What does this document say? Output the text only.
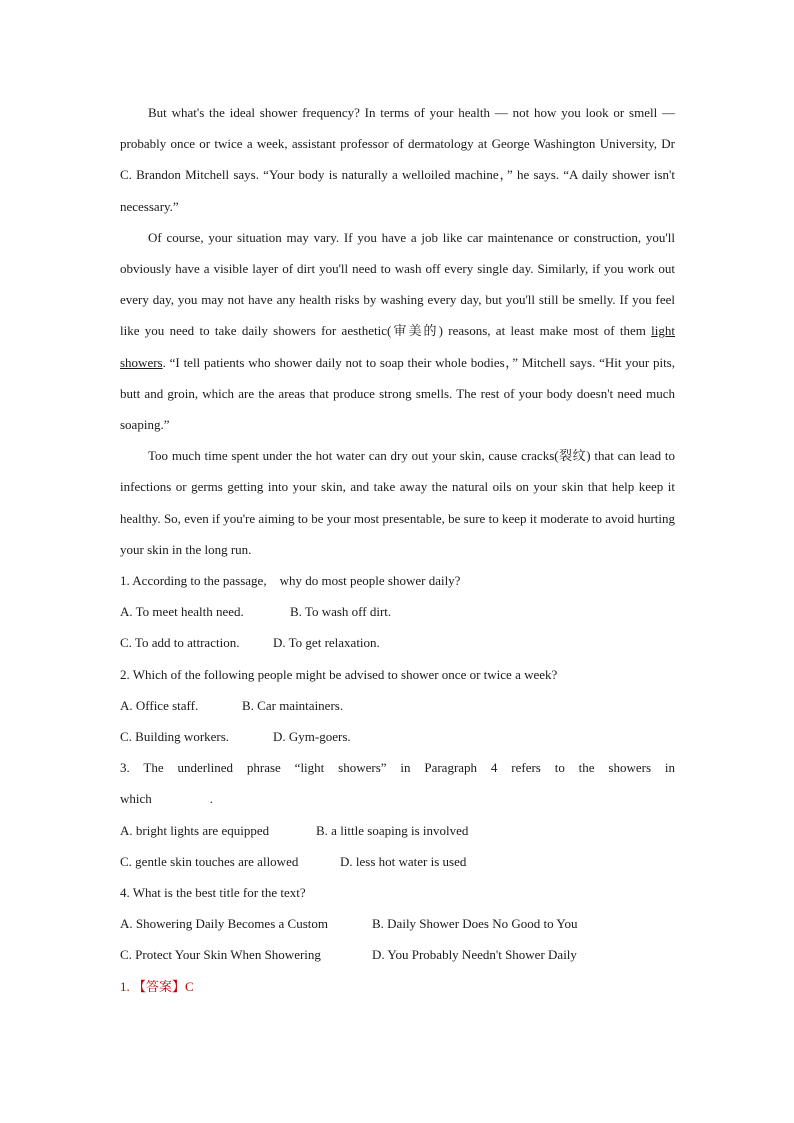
But what's the ideal shower frequency? In terms of your health — not how you look or smell — probably once or twice a week, assistant professor of dermatology at George Washington University, Dr C. Brandon Mitchell says. “Your body is naturally a welloiled machine，” he says. “A daily shower isn't necessary.”

Of course, your situation may vary. If you have a job like car maintenance or construction, you'll obviously have a visible layer of dirt you'll need to wash off every single day. Similarly, if you work out every day, you may not have any health risks by washing every day, but you'll still be smelly. If you feel like you need to take daily showers for aesthetic(审美的) reasons, at least make most of them light showers. “I tell patients who shower daily not to soap their whole bodies，” Mitchell says. “Hit your pits, butt and groin, which are the areas that produce strong smells. The rest of your body doesn't need much soaping.”

Too much time spent under the hot water can dry out your skin, cause cracks(裂纹) that can lead to infections or germs getting into your skin, and take away the natural oils on your skin that help keep it healthy. So, even if you're aiming to be your most presentable, be sure to keep it moderate to avoid hurting your skin in the long run.

1. According to the passage,　why do most people shower daily?
A. To meet health need.	B. To wash off dirt.
C. To add to attraction.	D. To get relaxation.
2. Which of the following people might be advised to shower once or twice a week?
A. Office staff.	B. Car maintainers.
C. Building workers.	D. Gym-goers.
3. The underlined phrase “light showers” in Paragraph 4 refers to the showers in
which	.
A. bright lights are equipped	B. a little soaping is involved
C. gentle skin touches are allowed	D. less hot water is used
4. What is the best title for the text?
A. Showering Daily Becomes a Custom	B. Daily Shower Does No Good to You
C. Protect Your Skin When Showering	D. You Probably Needn't Shower Daily
1. 【答案】C
